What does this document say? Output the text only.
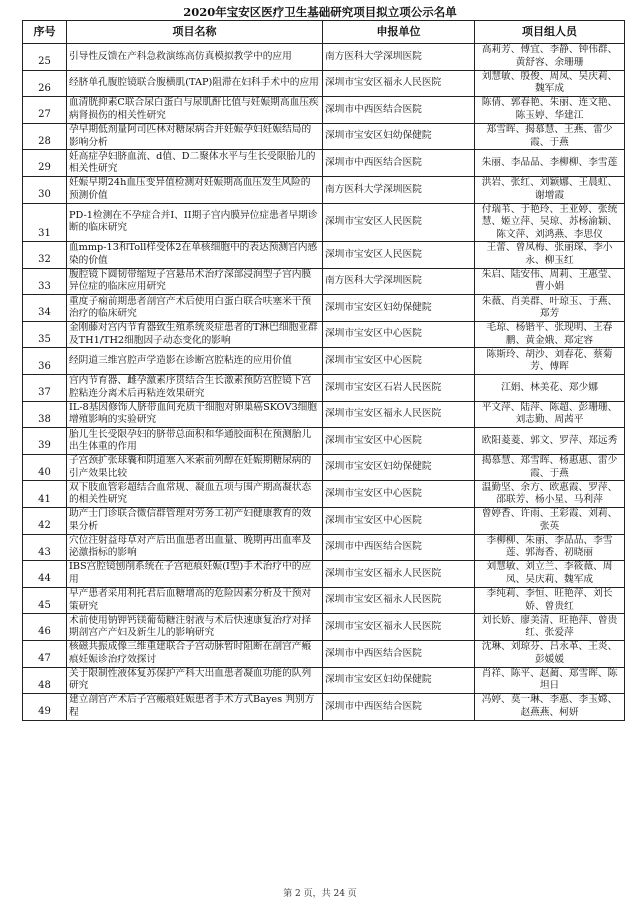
2020年宝安区医疗卫生基础研究项目拟立项公示名单
序号	项目名称	申报单位	项目组人员
25	引导性反馈在产科急救演练高仿真模拟教学中的应用	南方医科大学深圳医院	高莉芳、傅宜、李静、钟伟群、黄舒容、余珊珊
26	经脐单孔腹腔镜联合腹横肌(TAP)阻滞在妇科手术中的应用	深圳市宝安区福永人民医院	刘慧敏、殷俊、周凤、吴庆莉、魏军成
27	血清胱抑素C联合尿白蛋白与尿肌酐比值与妊娠期高血压疾病肾损伤的相关性研究	深圳市中西医结合医院	陈倩、郭春艳、朱丽、连文艳、陈玉婷、华建江
28	孕早期低剂量阿司匹林对糖尿病合并妊娠孕妇妊娠结局的影响分析	深圳市宝安区妇幼保健院	郑雪晖、揭慕慧、王燕、雷少霞、于燕
29	妊高症孕妇脐血流、d值、D二聚体水平与生长受限胎儿的相关性研究	深圳市中西医结合医院	朱丽、李品品、李柳柳、李雪莲
30	妊娠早期24h血压变异值检测对妊娠期高血压发生风险的预测价值	南方医科大学深圳医院	洪岩、张红、刘颖娜、王晨虹、谢增霞
31	PD-1检测在不孕症合并I、II期子宫内膜异位症患者早期诊断的临床研究	深圳市宝安区人民医院	付瑞苇、于艳玲、王亚婷、张统慧、姬立萍、吴琼、苏杨渝颖、陈文萍、刘鸿燕、李思仪
32	血mmp-13和Toll样受体2在单核细胞中的表达预测宫内感染的价值	深圳市宝安区人民医院	王蕾、曾凤梅、张丽琛、李小永、柳玉红
33	腹腔镜下圆韧带缩短子宫悬吊术治疗深部浸润型子宫内膜异位症的临床应用研究	南方医科大学深圳医院	朱启、陆安伟、周莉、王惠莹、曹小娟
34	重度子痫前期患者剖宫产术后使用白蛋白联合呋塞米干预治疗的临床研究	深圳市宝安区妇幼保健院	朱薇、肖美群、叶琼玉、于燕、郑芳
35	金刚藤对宫内节育器致生殖系统炎症患者的T淋巴细胞亚群及TH1/TH2细胞因子动态变化的影响	深圳市宝安区中心医院	毛琼、杨锴平、张现明、王春鹏、黄金娥、郑定容
36	经阴道三维宫腔声学造影在诊断宫腔粘连的应用价值	深圳市宝安区中心医院	陈斯玲、胡沙、刘春花、蔡菊芳、傅晖
37	宫内节育器、雌孕激素序贯结合生长激素预防宫腔镜下宫腔粘连分离术后再粘连效果研究	深圳市宝安区石岩人民医院	江娟、林美花、郑少娜
38	IL-8基因修饰人脐带血间充质干细胞对卵巢癌SKOV3细胞增殖影响的实验研究	深圳市宝安区福永人民医院	平文萍、陆萍、陈超、彭珊珊、刘志勤、周茜平
39	胎儿生长受限孕妇的脐带总面积和华通胶面积在预测胎儿出生体重的作用	深圳市宝安区中心医院	欧阳菱菱、郭文、罗萍、郑远秀
40	子宫颈扩张球囊和阴道塞入米索前列醇在妊娠期糖尿病的引产效果比较	深圳市宝安区妇幼保健院	揭慕慧、郑雪晖、杨惠惠、雷少霞、于燕
41	双下肢血管彩超结合血常规、凝血五项与围产期高凝状态的相关性研究	深圳市宝安区中心医院	温勤坚、余方、欧惠霞、罗萍、邵联芳、杨小星、马利萍
42	助产士门诊联合微信群管理对劳务工初产妇健康教育的效果分析	深圳市宝安区中心医院	曾婷香、许雨、王彩霞、刘莉、张英
43	穴位注射益母草对产后出血患者出血量、晚期再出血率及泌激指标的影响	深圳市中西医结合医院	李柳柳、朱丽、李品品、李雪莲、郭海香、初晓丽
44	IBS宫腔镜刨削系统在子宫疤痕妊娠(I型)手术治疗中的应用	深圳市宝安区福永人民医院	刘慧敏、刘立兰、李筱薇、周凤、吴庆莉、魏军成
45	早产患者采用利托君后血糖增高的危险因素分析及干预对策研究	深圳市宝安区福永人民医院	李纯莉、李恒、旺艳萍、刘长娇、曾贵红
46	术前使用钠钾钙镁葡萄糖注射液与术后快速康复治疗对择期剖宫产产妇及新生儿的影响研究	深圳市宝安区福永人民医院	刘长娇、廖美清、旺艳萍、曾贵红、张爱萍
47	核磁共振成像三维重建联合子宫动脉暂时阻断在剖宫产瘢痕妊娠诊治疗效探讨	深圳市中西医结合医院	沈琳、刘琼芬、吕永革、王炎、彭媛媛
48	关于限制性液体复苏保护产科大出血患者凝血功能的队列研究	深圳市宝安区妇幼保健院	肖祥、陈平、赵蔺、郑雪晖、陈坦日
49	建立剖宫产术后子宫瘢痕妊娠患者手术方式Bayes 判别方程	深圳市中西医结合医院	冯婷、莫一琳、李惠、李玉嫦、赵燕燕、柯妍
第 2 页，共 24 页
